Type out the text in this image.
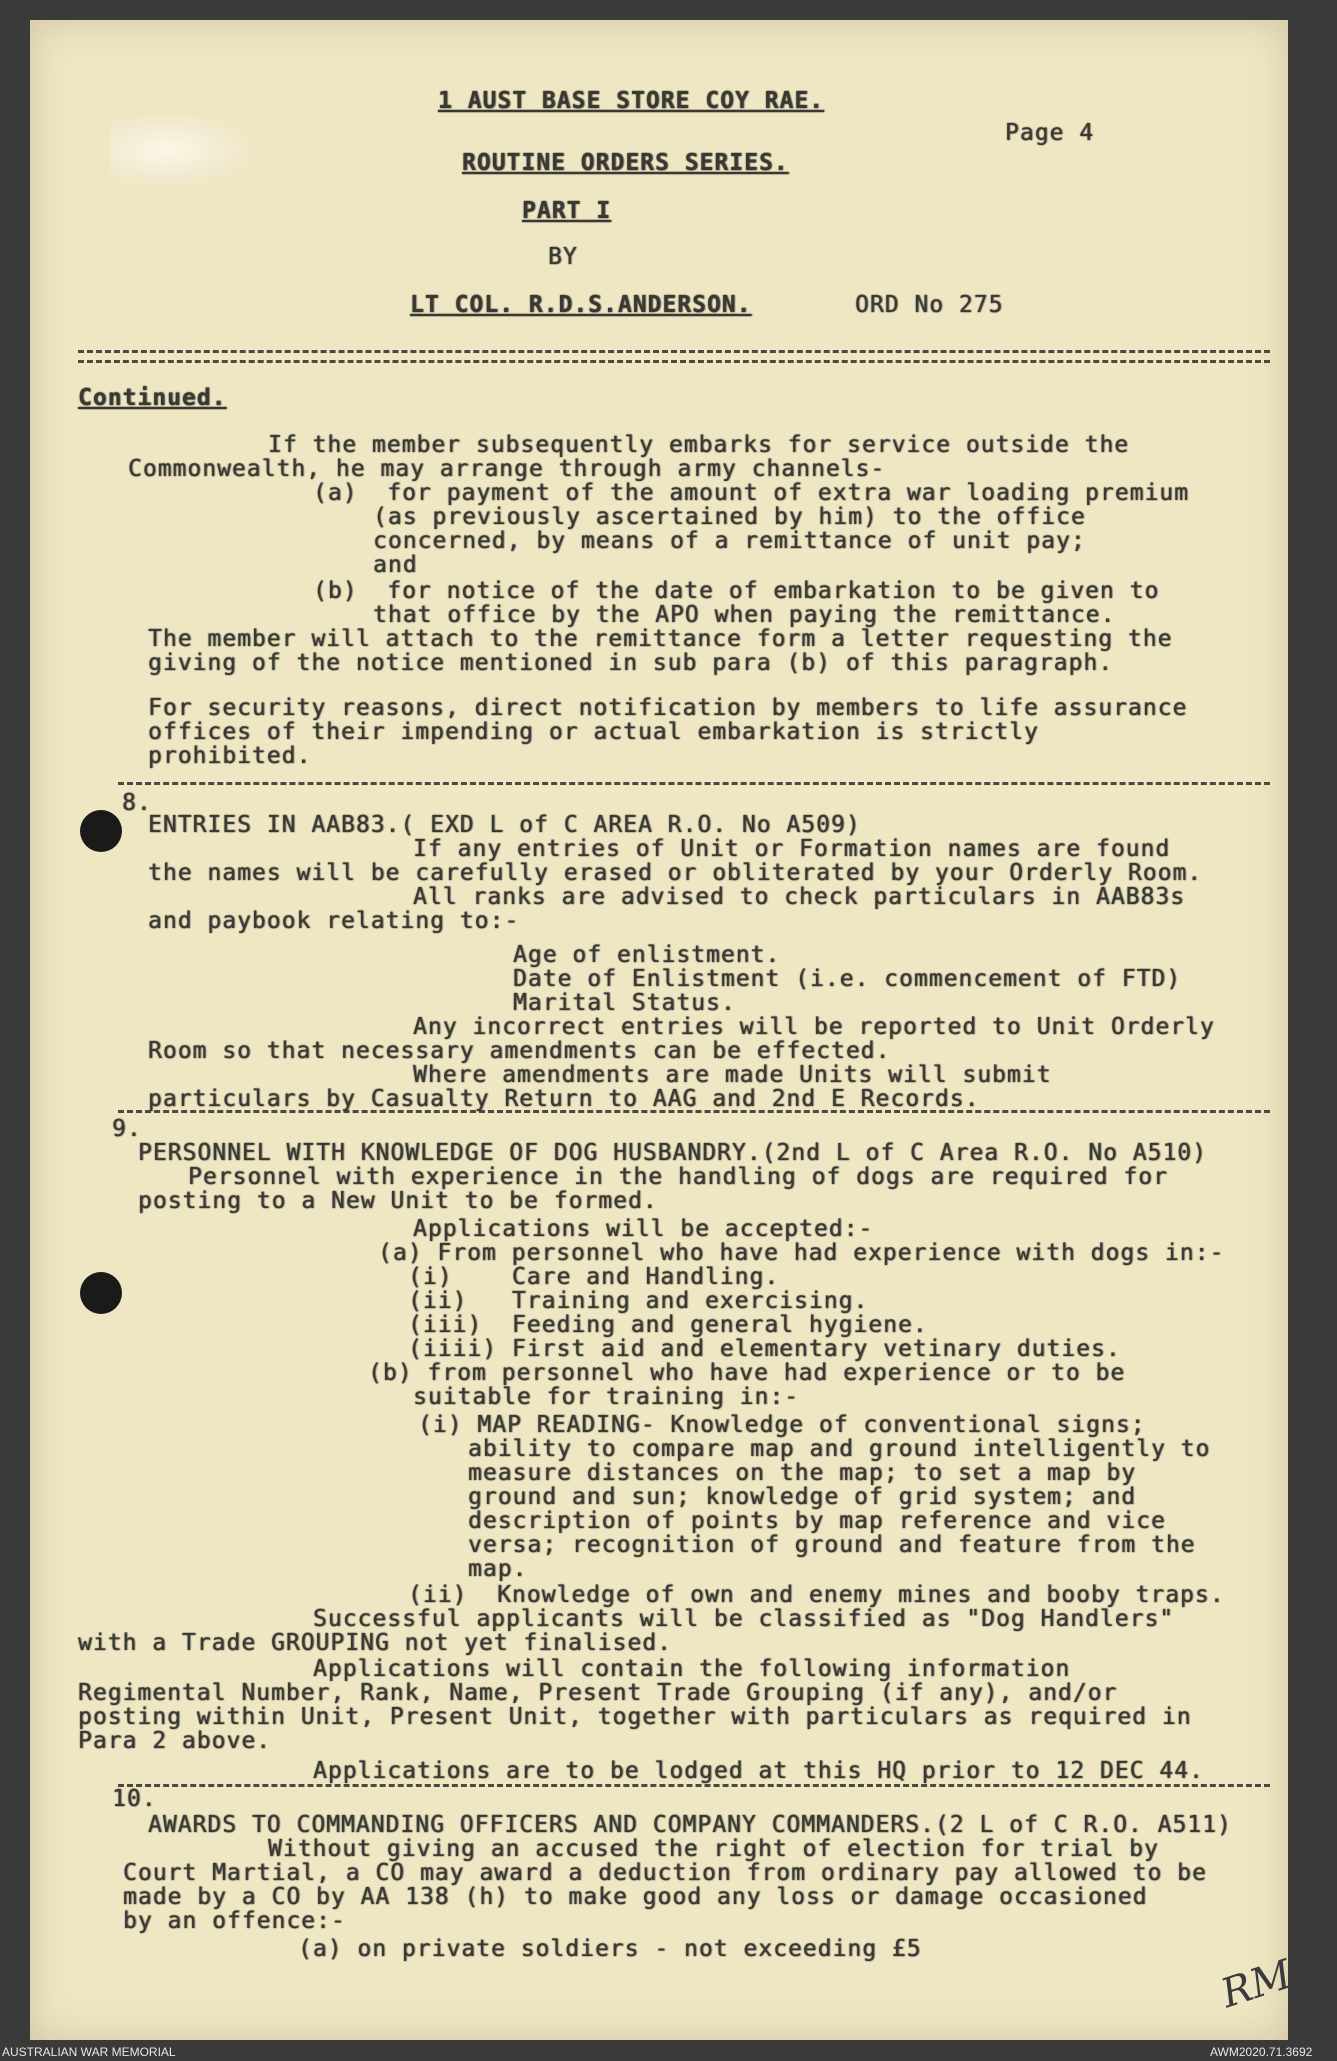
1 AUST BASE STORE COY RAE.
ROUTINE ORDERS SERIES.
PART I
BY
LT COL. R.D.S.ANDERSON.	ORD No 275
Page 4
Continued.
If the member subsequently embarks for service outside the
Commonwealth, he may arrange through army channels-
(a)  for payment of the amount of extra war loading premium
(as previously ascertained by him) to the office
concerned, by means of a remittance of unit pay;
and
(b)  for notice of the date of embarkation to be given to
that office by the APO when paying the remittance.
The member will attach to the remittance form a letter requesting the
giving of the notice mentioned in sub para (b) of this paragraph.
For security reasons, direct notification by members to life assurance
offices of their impending or actual embarkation is strictly
prohibited.
8.
ENTRIES IN AAB83.( EXD L of C AREA R.O. No A509)
If any entries of Unit or Formation names are found
the names will be carefully erased or obliterated by your Orderly Room.
All ranks are advised to check particulars in AAB83s
and paybook relating to:-
Age of enlistment.
Date of Enlistment (i.e. commencement of FTD)
Marital Status.
Any incorrect entries will be reported to Unit Orderly
Room so that necessary amendments can be effected.
Where amendments are made Units will submit
particulars by Casualty Return to AAG and 2nd E Records.
9.
PERSONNEL WITH KNOWLEDGE OF DOG HUSBANDRY.(2nd L of C Area R.O. No A510)
Personnel with experience in the handling of dogs are required for
posting to a New Unit to be formed.
Applications will be accepted:-
(a) From personnel who have had experience with dogs in:-
(i)    Care and Handling.
(ii)   Training and exercising.
(iii)  Feeding and general hygiene.
(iiii) First aid and elementary vetinary duties.
(b) from personnel who have had experience or to be
suitable for training in:-
(i) MAP READING- Knowledge of conventional signs;
ability to compare map and ground intelligently to
measure distances on the map; to set a map by
ground and sun; knowledge of grid system; and
description of points by map reference and vice
versa; recognition of ground and feature from the
map.
(ii)  Knowledge of own and enemy mines and booby traps.
Successful applicants will be classified as "Dog Handlers"
with a Trade GROUPING not yet finalised.
Applications will contain the following information
Regimental Number, Rank, Name, Present Trade Grouping (if any), and/or
posting within Unit, Present Unit, together with particulars as required in
Para 2 above.
Applications are to be lodged at this HQ prior to 12 DEC 44.
10.
AWARDS TO COMMANDING OFFICERS AND COMPANY COMMANDERS.(2 L of C R.O. A511)
Without giving an accused the right of election for trial by
Court Martial, a CO may award a deduction from ordinary pay allowed to be
made by a CO by AA 138 (h) to make good any loss or damage occasioned
by an offence:-
(a) on private soldiers - not exceeding £5	RMW
AUSTRALIAN WAR MEMORIAL	AWM2020.71.3692
